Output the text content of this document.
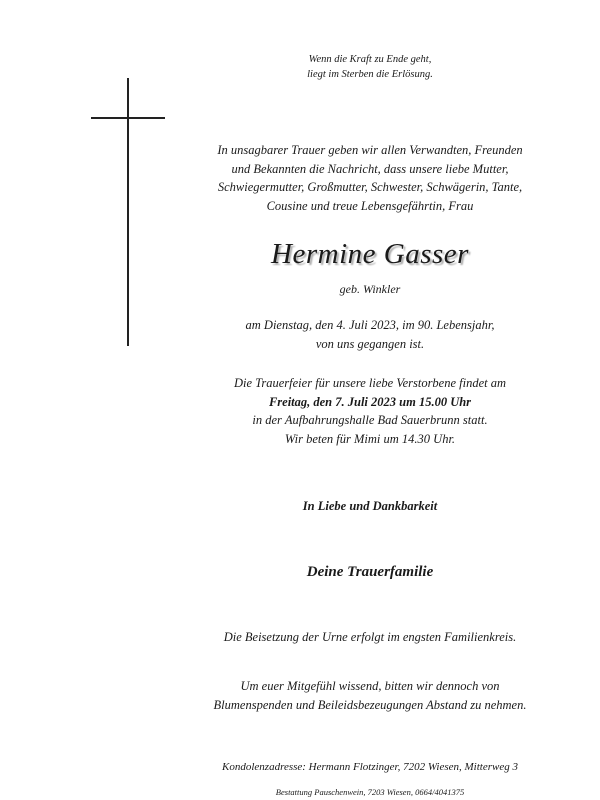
Wenn die Kraft zu Ende geht,
liegt im Sterben die Erlösung.
In unsagbarer Trauer geben wir allen Verwandten, Freunden
und Bekannten die Nachricht, dass unsere liebe Mutter,
Schwiegermutter, Großmutter, Schwester, Schwägerin, Tante,
Cousine und treue Lebensgefährtin, Frau
Hermine Gasser
geb. Winkler
am Dienstag, den 4. Juli 2023, im 90. Lebensjahr,
von uns gegangen ist.
Die Trauerfeier für unsere liebe Verstorbene findet am
Freitag, den 7. Juli 2023 um 15.00 Uhr
in der Aufbahrungshalle Bad Sauerbrunn statt.
Wir beten für Mimi um 14.30 Uhr.
In Liebe und Dankbarkeit
Deine Trauerfamilie
Die Beisetzung der Urne erfolgt im engsten Familienkreis.
Um euer Mitgefühl wissend, bitten wir dennoch von
Blumenspenden und Beileidsbezeugungen Abstand zu nehmen.
Kondolenzadresse: Hermann Flotzinger, 7202 Wiesen, Mitterweg 3
Bestattung Pauschenwein, 7203 Wiesen, 0664/4041375
